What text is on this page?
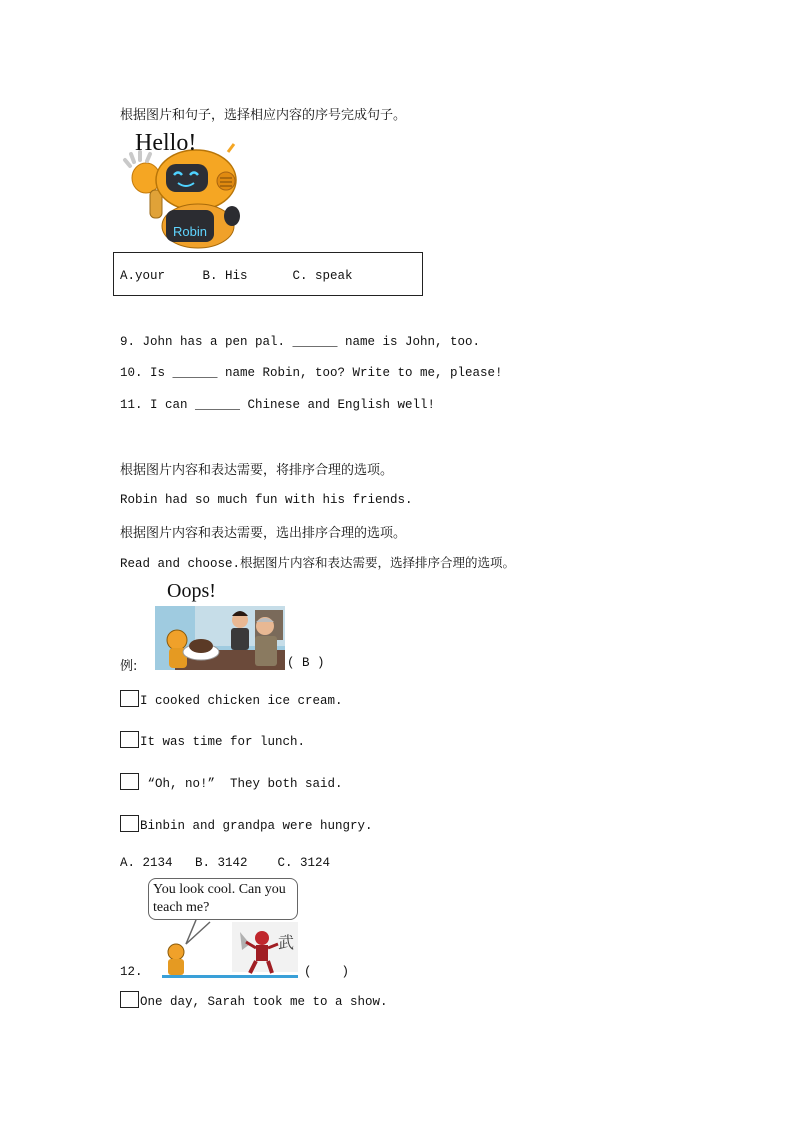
根据图片和句子，选择相应内容的序号完成句子。
Robin
Hello!
A.your     B. His      C. speak
9. John has a pen pal. ______ name is John, too.
10. Is ______ name Robin, too? Write to me, please!
11. I can ______ Chinese and English well!
根据图片内容和表达需要，将排序合理的选项。
Robin had so much fun with his friends.
根据图片内容和表达需要，选出排序合理的选项。
Read and choose.根据图片内容和表达需要，选择排序合理的选项。
Oops!
例:	( B )
I cooked chicken ice cream.
It was time for lunch.
“Oh, no!”  They both said.
Binbin and grandpa were hungry.
A. 2134   B. 3142    C. 3124
You look cool. Can you teach me?
武
12.	(    )
One day, Sarah took me to a show.
